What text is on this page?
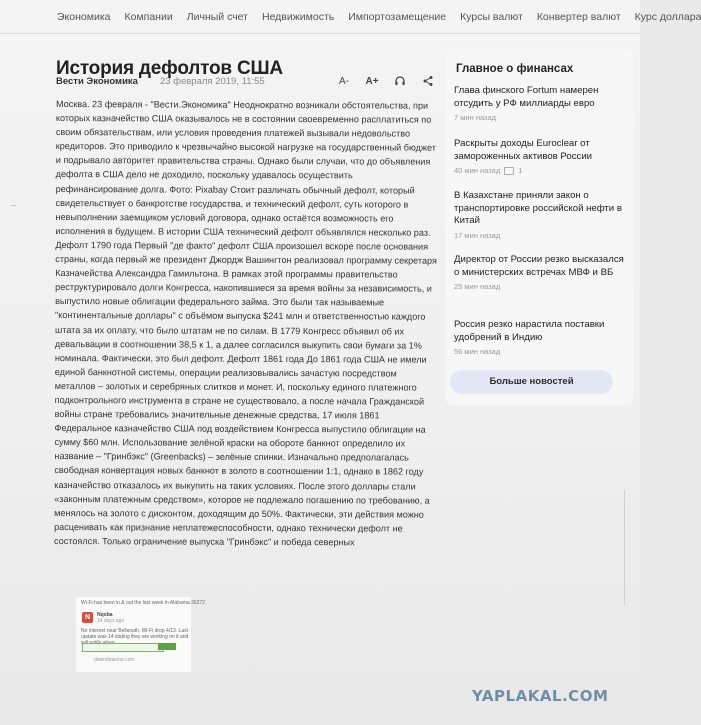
Экономика Компании Личный счет Недвижимость Импортозамещение Курсы валют Конвертер валют Курс доллара
История дефолтов США
Вести Экономика 23 февраля 2019, 11:55	A- A+
—

Москва. 23 февраля - "Вести.Экономика" Неоднократно возникали обстоятельства, при которых казначейство США оказывалось не в состоянии своевременно расплатиться по своим обязательствам, или условия проведения платежей вызывали недовольство кредиторов. Это приводило к чрезвычайно высокой нагрузке на государственный бюджет и подрывало авторитет правительства страны. Однако были случаи, что до объявления дефолта в США дело не доходило, поскольку удавалось осуществить рефинансирование долга. Фото: Pixabay Стоит различать обычный дефолт, который свидетельствует о банкротстве государства, и технический дефолт, суть которого в невыполнении заемщиком условий договора, однако остаётся возможность его исполнения в будущем. В истории США технический дефолт объявлялся несколько раз. Дефолт 1790 года Первый "де факто" дефолт США произошел вскоре после основания страны, когда первый же президент Джордж Вашингтон реализовал программу секретаря Казначейства Александра Гамильтона. В рамках этой программы правительство реструктурировало долги Конгресса, накопившиеся за время войны за независимость, и выпустило новые облигации федерального займа. Это были так называемые "континентальные доллары" с объёмом выпуска $241 млн и ответственностью каждого штата за их оплату, что было штатам не по силам. В 1779 Конгресс объявил об их девальвации в соотношении 38,5 к 1, а далее согласился выкупить свои бумаги за 1% номинала. Фактически, это был дефолт. Дефолт 1861 года До 1861 года США не имели единой банкнотной системы, операции реализовывались зачастую посредством металлов – золотых и серебряных слитков и монет. И, поскольку единого платежного подконтрольного инструмента в стране не существовало, а после начала Гражданской войны стране требовались значительные денежные средства, 17 июля 1861 Федеральное казначейство США под воздействием Конгресса выпустило облигации на сумму $60 млн. Использование зелёной краски на обороте банкнот определило их название – "Гринбэкс" (Greenbacks) – зелёные спинки. Изначально предполагалась свободная конвертация новых банкнот в золото в соотношении 1:1, однако в 1862 году казначейство отказалось их выкупить на таких условиях. После этого доллары стали «законным платежным средством», которое не подлежало погашению по требованию, а менялось на золото с дисконтом, доходящим до 50%. Фактически, эти действия можно расценивать как признание неплатежеспособности, однако технически дефолт не состоялся. Только ограничение выпуска "Гринбэкс" и победа северных

Главное о финансах
Глава финского Fortum намерен отсудить у РФ миллиарды евро
7 мин назад
Раскрыты доходы Euroclear от замороженных активов России
40 мин назад 1
В Казахстане приняли закон о транспортировке российской нефти в Китай
17 мин назад
Директор от России резко высказался о министерских встречах МВФ и ВБ
25 мин назад
Россия резко нарастила поставки удобрений в Индию
56 мин назад
Больше новостей
Wi-Fi has been in & out the last week in Alabama 36272
N	Nqoba
14 days ago
No internet near Bellsouth. Wi-Fi drop 4/13. Last update was 14 stating they are working on it and
downdetector.com
YAPLAKAL.COM
